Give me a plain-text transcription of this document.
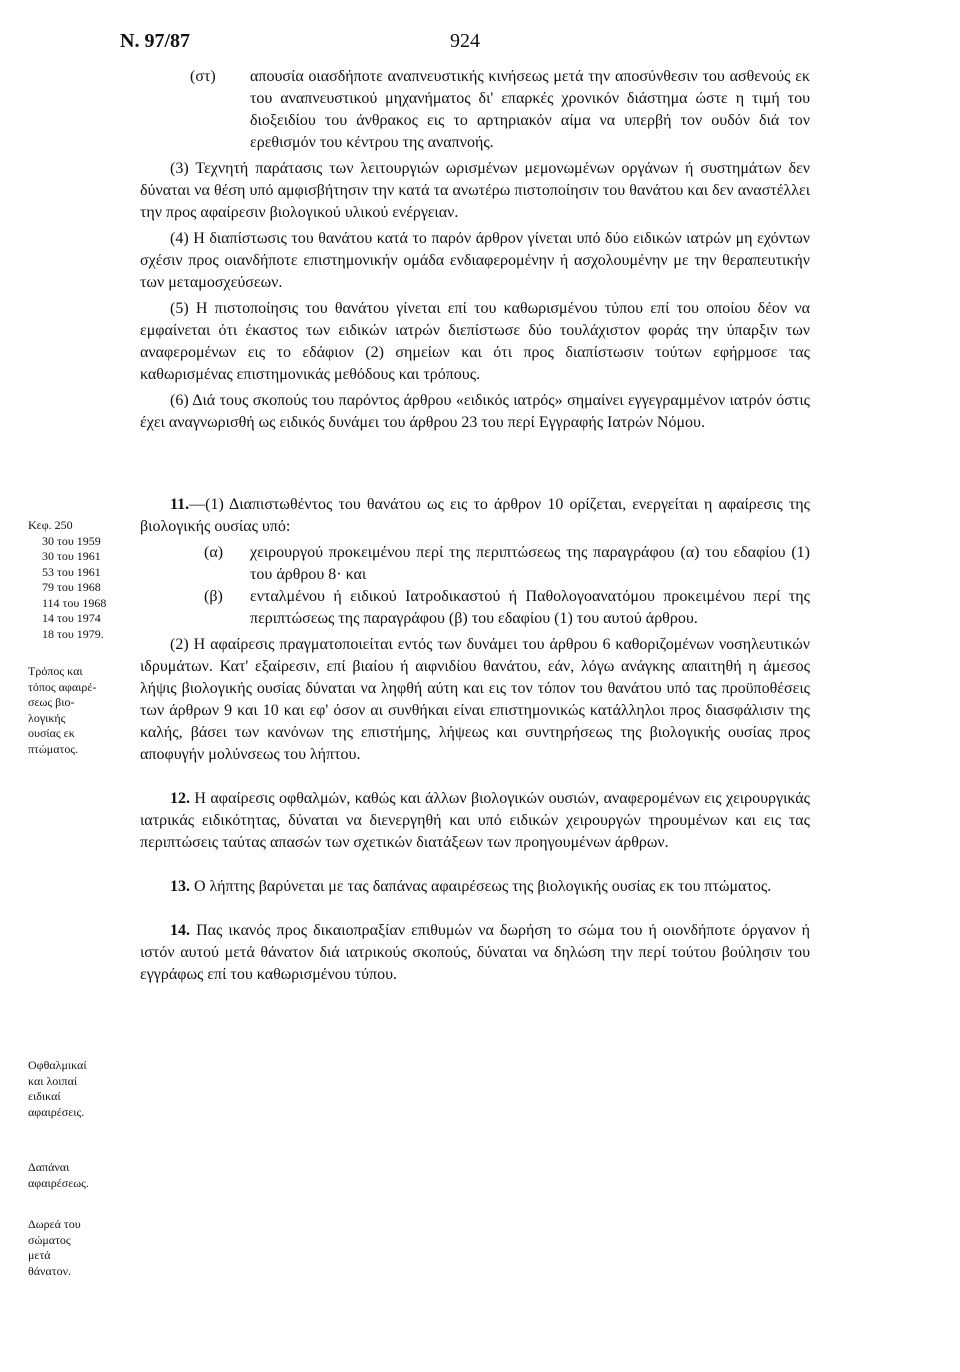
N. 97/87	924
Κεφ. 250
30 του 1959
30 του 1961
53 του 1961
79 του 1968
114 του 1968
14 του 1974
18 του 1979.
Τρόπος και
τόπος αφαιρέ-
σεως βιο-
λογικής
ουσίας εκ
πτώματος.
Οφθαλμικαί
και λοιπαί
ειδικαί
αφαιρέσεις.
Δαπάναι
αφαιρέσεως.
Δωρεά του
σώματος
μετά
θάνατον.

(στ) απουσία οιασδήποτε αναπνευστικής κινήσεως μετά την αποσύνθεσιν του ασθενούς εκ του αναπνευστικού μηχανήματος δι' επαρκές χρονικόν διάστημα ώστε η τιμή του διοξειδίου του άνθρακος εις το αρτηριακόν αίμα να υπερβή τον ουδόν διά τον ερεθισμόν του κέντρου της αναπνοής.

(3) Τεχνητή παράτασις των λειτουργιών ωρισμένων μεμονωμένων οργάνων ή συστημάτων δεν δύναται να θέση υπό αμφισβήτησιν την κατά τα ανωτέρω πιστοποίησιν του θανάτου και δεν αναστέλλει την προς αφαίρεσιν βιολογικού υλικού ενέργειαν.

(4) Η διαπίστωσις του θανάτου κατά το παρόν άρθρον γίνεται υπό δύο ειδικών ιατρών μη εχόντων σχέσιν προς οιανδήποτε επιστημονικήν ομάδα ενδιαφερομένην ή ασχολουμένην με την θεραπευτικήν των μεταμοσχεύσεων.

(5) Η πιστοποίησις του θανάτου γίνεται επί του καθωρισμένου τύπου επί του οποίου δέον να εμφαίνεται ότι έκαστος των ειδικών ιατρών διεπίστωσε δύο τουλάχιστον φοράς την ύπαρξιν των αναφερομένων εις το εδάφιον (2) σημείων και ότι προς διαπίστωσιν τούτων εφήρμοσε τας καθωρισμένας επιστημονικάς μεθόδους και τρόπους.

(6) Διά τους σκοπούς του παρόντος άρθρου «ειδικός ιατρός» σημαίνει εγγεγραμμένον ιατρόν όστις έχει αναγνωρισθή ως ειδικός δυνάμει του άρθρου 23 του περί Εγγραφής Ιατρών Νόμου.

11.—(1) Διαπιστωθέντος του θανάτου ως εις το άρθρον 10 ορίζεται, ενεργείται η αφαίρεσις της βιολογικής ουσίας υπό:

(α) χειρουργού προκειμένου περί της περιπτώσεως της παραγράφου (α) του εδαφίου (1) του άρθρου 8· και

(β) ενταλμένου ή ειδικού Ιατροδικαστού ή Παθολογοανατόμου προκειμένου περί της περιπτώσεως της παραγράφου (β) του εδαφίου (1) του αυτού άρθρου.

(2) Η αφαίρεσις πραγματοποιείται εντός των δυνάμει του άρθρου 6 καθοριζομένων νοσηλευτικών ιδρυμάτων. Κατ' εξαίρεσιν, επί βιαίου ή αιφνιδίου θανάτου, εάν, λόγω ανάγκης απαιτηθή η άμεσος λήψις βιολογικής ουσίας δύναται να ληφθή αύτη και εις τον τόπον του θανάτου υπό τας προϋποθέσεις των άρθρων 9 και 10 και εφ' όσον αι συνθήκαι είναι επιστημονικώς κατάλληλοι προς διασφάλισιν της καλής, βάσει των κανόνων της επιστήμης, λήψεως και συντηρήσεως της βιολογικής ουσίας προς αποφυγήν μολύνσεως του λήπτου.

12. Η αφαίρεσις οφθαλμών, καθώς και άλλων βιολογικών ουσιών, αναφερομένων εις χειρουργικάς ιατρικάς ειδικότητας, δύναται να διενεργηθή και υπό ειδικών χειρουργών τηρουμένων και εις τας περιπτώσεις ταύτας απασών των σχετικών διατάξεων των προηγουμένων άρθρων.

13. Ο λήπτης βαρύνεται με τας δαπάνας αφαιρέσεως της βιολογικής ουσίας εκ του πτώματος.

14. Πας ικανός προς δικαιοπραξίαν επιθυμών να δωρήση το σώμα του ή οιονδήποτε όργανον ή ιστόν αυτού μετά θάνατον διά ιατρικούς σκοπούς, δύναται να δηλώση την περί τούτου βούλησιν του εγγράφως επί του καθωρισμένου τύπου.
